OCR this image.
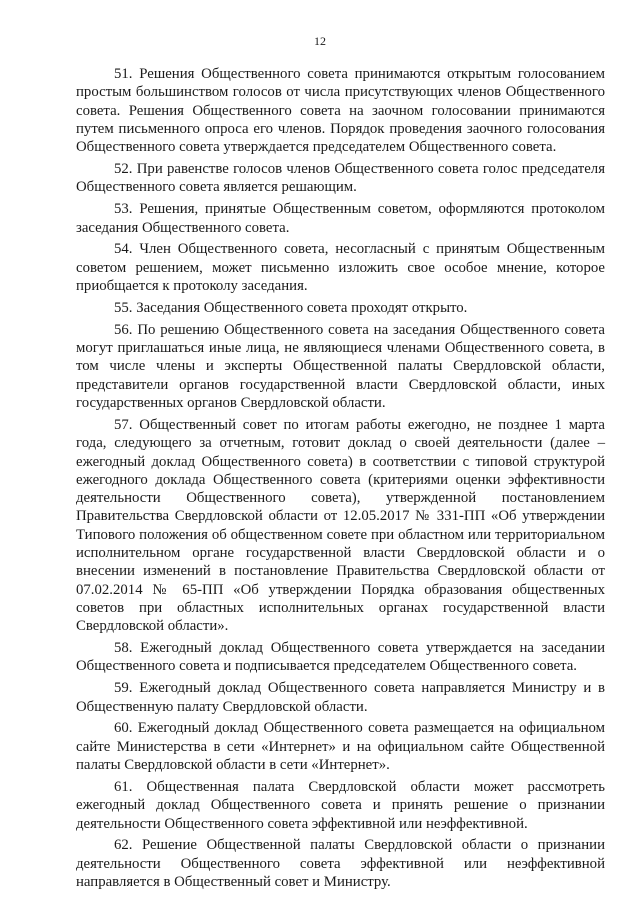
12

51. Решения Общественного совета принимаются открытым голосованием простым большинством голосов от числа присутствующих членов Общественного совета. Решения Общественного совета на заочном голосовании принимаются путем письменного опроса его членов. Порядок проведения заочного голосования Общественного совета утверждается председателем Общественного совета.

52. При равенстве голосов членов Общественного совета голос председателя Общественного совета является решающим.

53. Решения, принятые Общественным советом, оформляются протоколом заседания Общественного совета.

54. Член Общественного совета, несогласный с принятым Общественным советом решением, может письменно изложить свое особое мнение, которое приобщается к протоколу заседания.

55. Заседания Общественного совета проходят открыто.

56. По решению Общественного совета на заседания Общественного совета могут приглашаться иные лица, не являющиеся членами Общественного совета, в том числе члены и эксперты Общественной палаты Свердловской области, представители органов государственной власти Свердловской области, иных государственных органов Свердловской области.

57. Общественный совет по итогам работы ежегодно, не позднее 1 марта года, следующего за отчетным, готовит доклад о своей деятельности (далее – ежегодный доклад Общественного совета) в соответствии с типовой структурой ежегодного доклада Общественного совета (критериями оценки эффективности деятельности Общественного совета), утвержденной постановлением Правительства Свердловской области от 12.05.2017 № 331-ПП «Об утверждении Типового положения об общественном совете при областном или территориальном исполнительном органе государственной власти Свердловской области и о внесении изменений в постановление Правительства Свердловской области от 07.02.2014 № 65-ПП «Об утверждении Порядка образования общественных советов при областных исполнительных органах государственной власти Свердловской области».

58. Ежегодный доклад Общественного совета утверждается на заседании Общественного совета и подписывается председателем Общественного совета.

59. Ежегодный доклад Общественного совета направляется Министру и в Общественную палату Свердловской области.

60. Ежегодный доклад Общественного совета размещается на официальном сайте Министерства в сети «Интернет» и на официальном сайте Общественной палаты Свердловской области в сети «Интернет».

61. Общественная палата Свердловской области может рассмотреть ежегодный доклад Общественного совета и принять решение о признании деятельности Общественного совета эффективной или неэффективной.

62. Решение Общественной палаты Свердловской области о признании деятельности Общественного совета эффективной или неэффективной направляется в Общественный совет и Министру.
